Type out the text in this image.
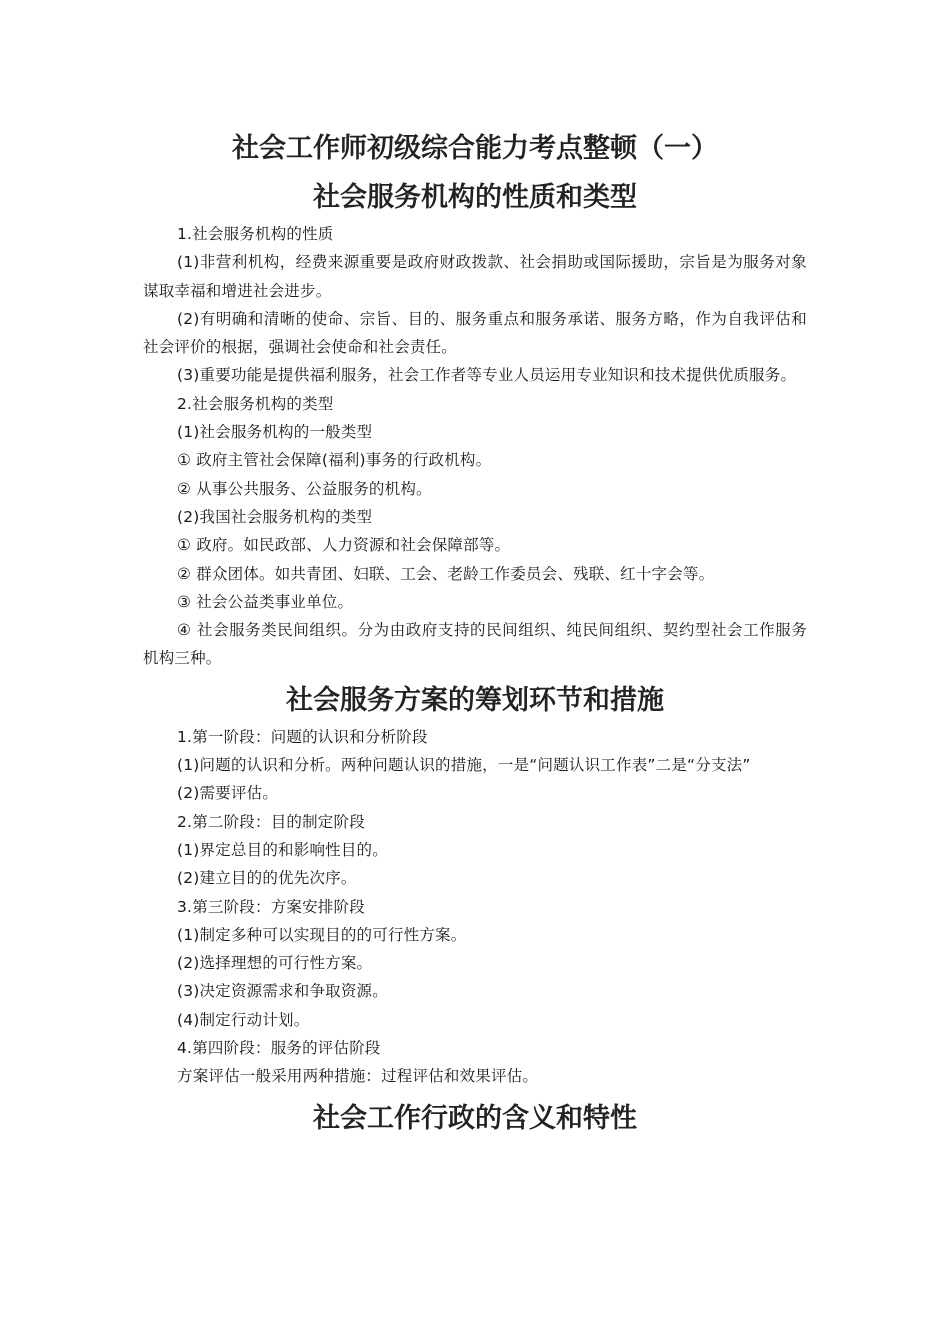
社会工作师初级综合能力考点整顿（一）
社会服务机构的性质和类型

1.社会服务机构的性质

(1)非营利机构，经费来源重要是政府财政拨款、社会捐助或国际援助，宗旨是为服务对象谋取幸福和增进社会进步。

(2)有明确和清晰的使命、宗旨、目的、服务重点和服务承诺、服务方略，作为自我评估和社会评价的根据，强调社会使命和社会责任。

(3)重要功能是提供福利服务，社会工作者等专业人员运用专业知识和技术提供优质服务。

2.社会服务机构的类型

(1)社会服务机构的一般类型

① 政府主管社会保障(福利)事务的行政机构。

② 从事公共服务、公益服务的机构。

(2)我国社会服务机构的类型

① 政府。如民政部、人力资源和社会保障部等。

② 群众团体。如共青团、妇联、工会、老龄工作委员会、残联、红十字会等。

③ 社会公益类事业单位。

④ 社会服务类民间组织。分为由政府支持的民间组织、纯民间组织、契约型社会工作服务机构三种。

社会服务方案的筹划环节和措施

1.第一阶段：问题的认识和分析阶段

(1)问题的认识和分析。两种问题认识的措施，一是“问题认识工作表”二是“分支法”

(2)需要评估。

2.第二阶段：目的制定阶段

(1)界定总目的和影响性目的。

(2)建立目的的优先次序。

3.第三阶段：方案安排阶段

(1)制定多种可以实现目的的可行性方案。

(2)选择理想的可行性方案。

(3)决定资源需求和争取资源。

(4)制定行动计划。

4.第四阶段：服务的评估阶段

方案评估一般采用两种措施：过程评估和效果评估。

社会工作行政的含义和特性
